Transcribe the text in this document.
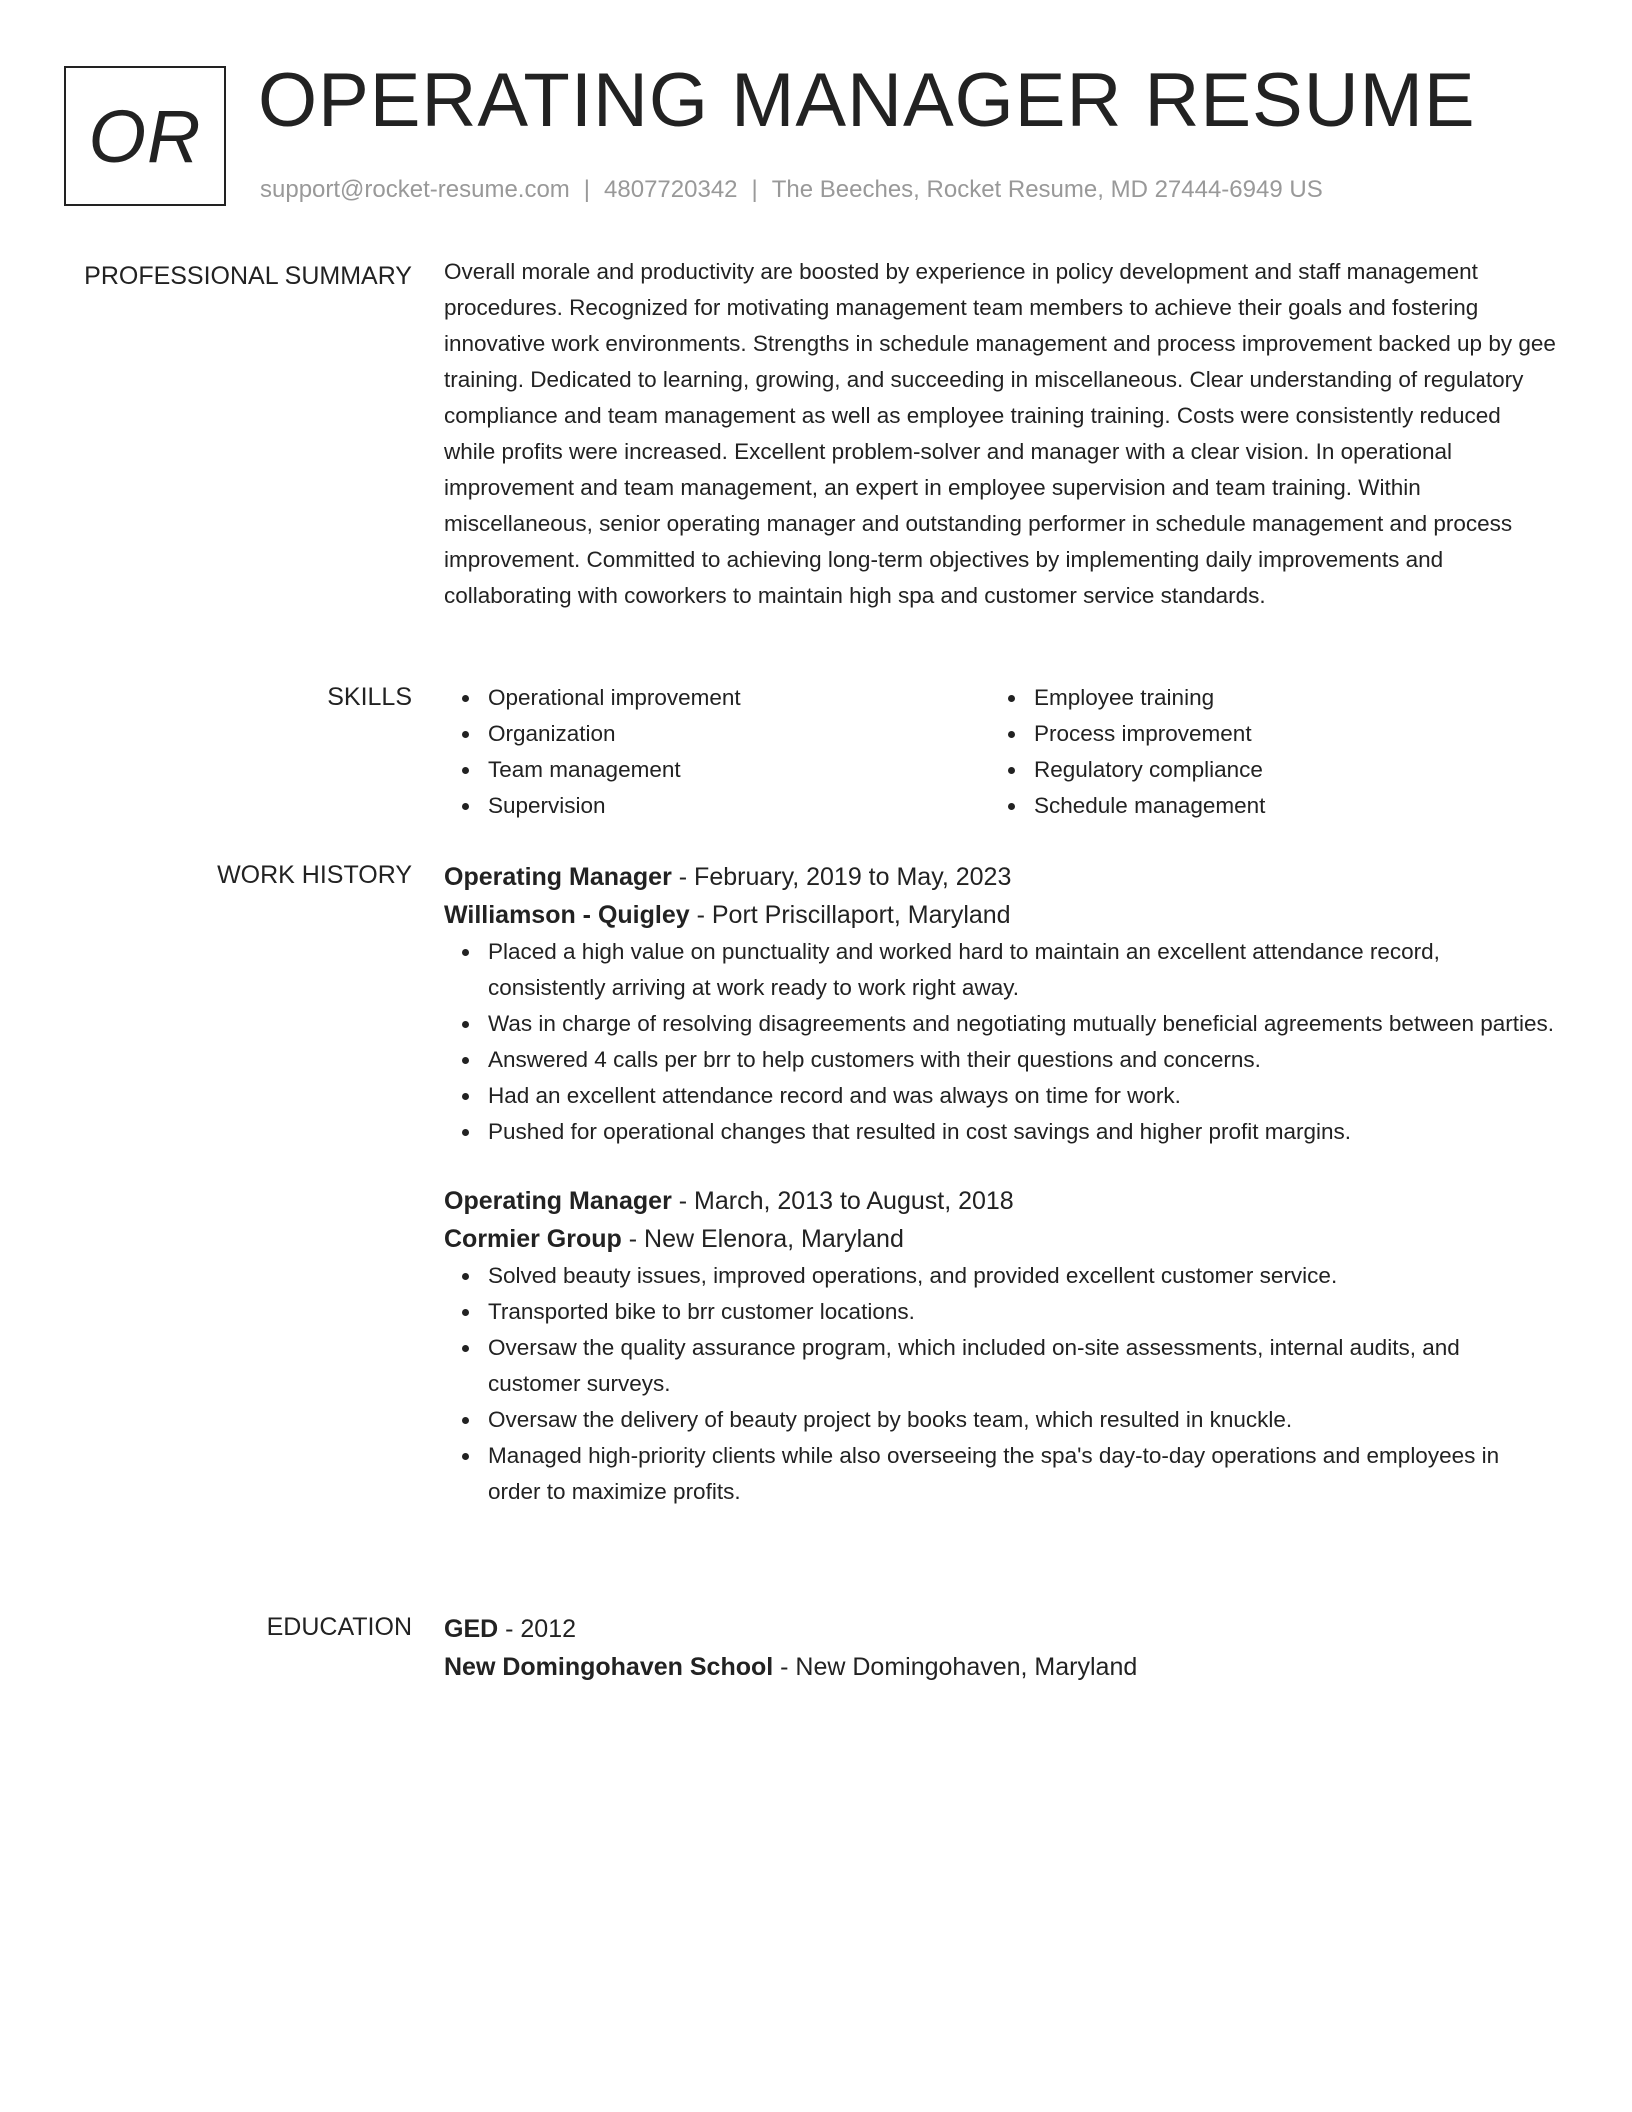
OR OPERATING MANAGER RESUME
support@rocket-resume.com | 4807720342 | The Beeches, Rocket Resume, MD 27444-6949 US
PROFESSIONAL SUMMARY Overall morale and productivity are boosted by experience in policy development and staff management procedures. Recognized for motivating management team members to achieve their goals and fostering innovative work environments. Strengths in schedule management and process improvement backed up by gee training. Dedicated to learning, growing, and succeeding in miscellaneous. Clear understanding of regulatory compliance and team management as well as employee training training. Costs were consistently reduced while profits were increased. Excellent problem-solver and manager with a clear vision. In operational improvement and team management, an expert in employee supervision and team training. Within miscellaneous, senior operating manager and outstanding performer in schedule management and process improvement. Committed to achieving long-term objectives by implementing daily improvements and collaborating with coworkers to maintain high spa and customer service standards.

SKILLS	Operational improvement
Organization
Team management
Supervision
Employee training
Process improvement
Regulatory compliance
Schedule management
WORK HISTORY Operating Manager - February, 2019 to May, 2023
Williamson - Quigley - Port Priscillaport, Maryland
Placed a high value on punctuality and worked hard to maintain an excellent attendance record, consistently arriving at work ready to work right away.
Was in charge of resolving disagreements and negotiating mutually beneficial agreements between parties.
Answered 4 calls per brr to help customers with their questions and concerns.
Had an excellent attendance record and was always on time for work.
Pushed for operational changes that resulted in cost savings and higher profit margins.
Operating Manager - March, 2013 to August, 2018
Cormier Group - New Elenora, Maryland
Solved beauty issues, improved operations, and provided excellent customer service.
Transported bike to brr customer locations.
Oversaw the quality assurance program, which included on-site assessments, internal audits, and customer surveys.
Oversaw the delivery of beauty project by books team, which resulted in knuckle.
Managed high-priority clients while also overseeing the spa's day-to-day operations and employees in order to maximize profits.
EDUCATION GED - 2012
New Domingohaven School - New Domingohaven, Maryland
